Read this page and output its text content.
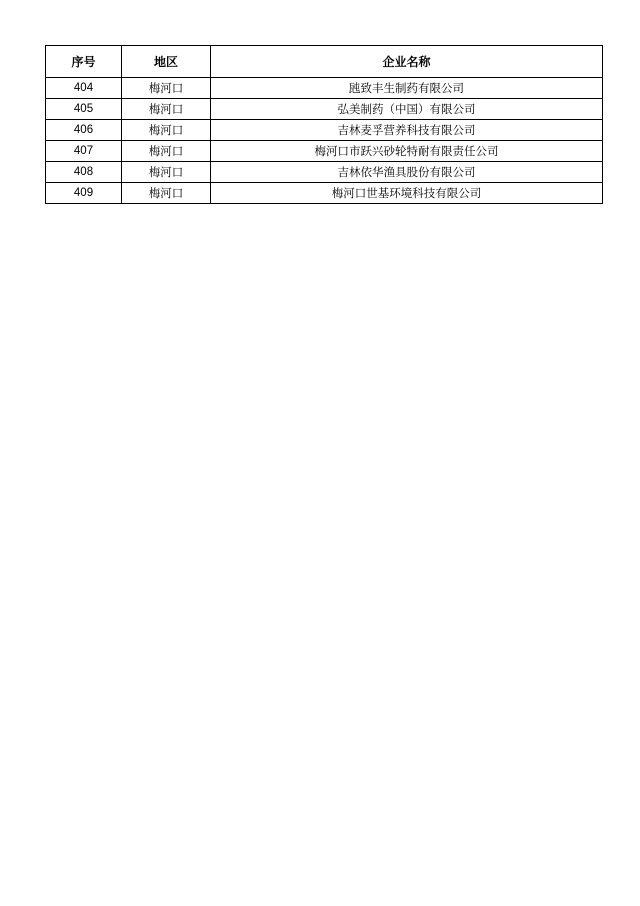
序号	地区	企业名称
404	梅河口	瓲致丰生制药有限公司
405	梅河口	弘美制药（中国）有限公司
406	梅河口	吉林麦孚营养科技有限公司
407	梅河口	梅河口市跃兴砂轮特耐有限责任公司
408	梅河口	吉林依华渔具股份有限公司
409	梅河口	梅河口世基环境科技有限公司
